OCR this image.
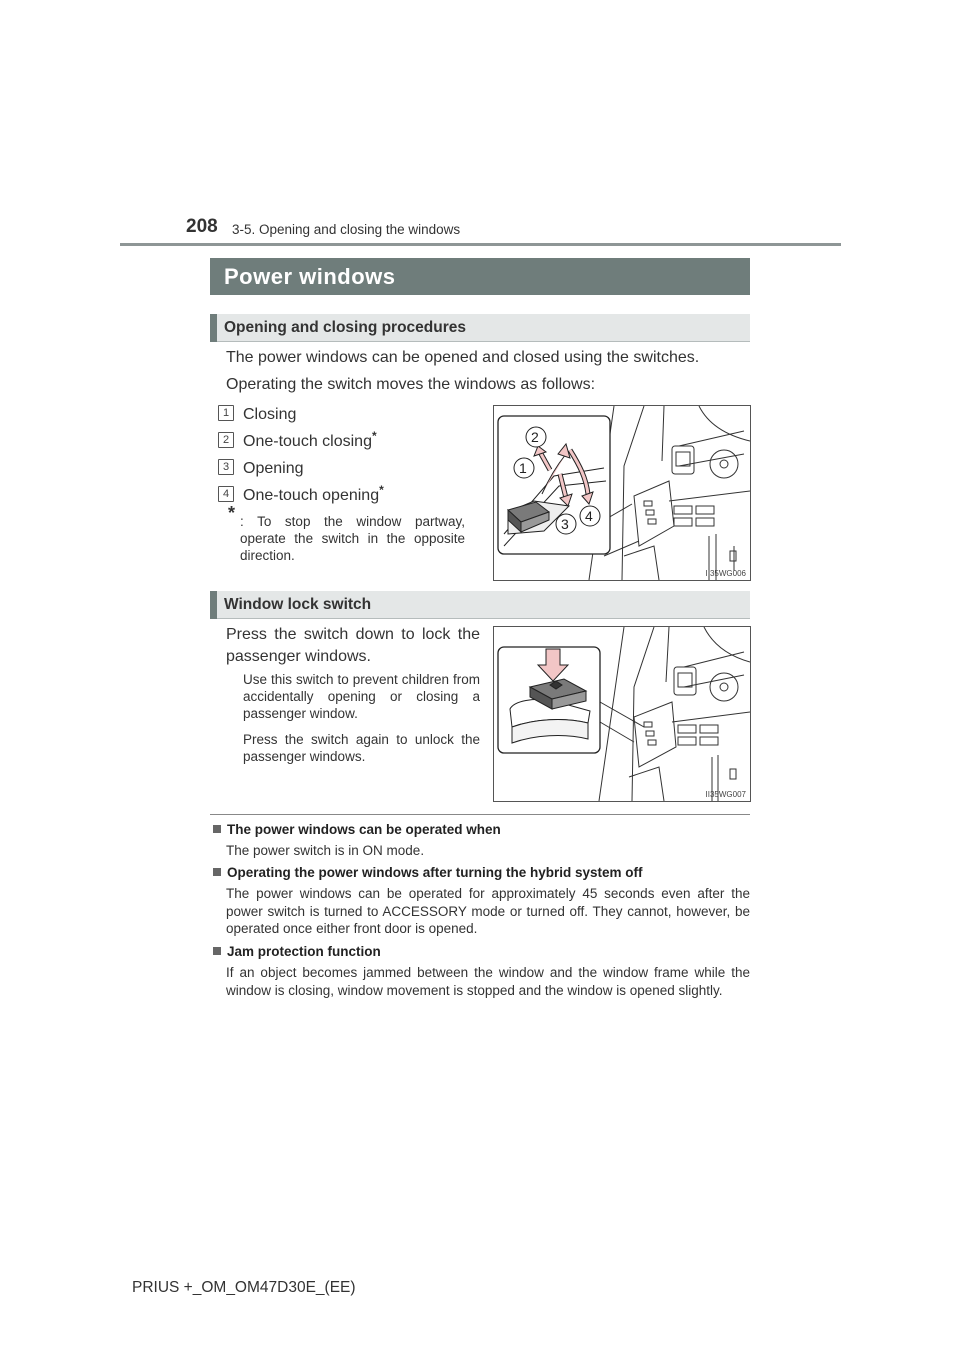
208 3-5. Opening and closing the windows
Power windows
Opening and closing procedures
The power windows can be opened and closed using the switches.
Operating the switch moves the windows as follows:
1 Closing
2 One-touch closing*
3 Opening
4 One-touch opening*
* : To stop the window partway, operate the switch in the opposite direction.
2
1
3 4
II35WG006
Window lock switch
Press the switch down to lock the passenger windows.
Use this switch to prevent children from accidentally opening or closing a passenger window.
Press the switch again to unlock the passenger windows.
II35WG007
The power windows can be operated when
The power switch is in ON mode.
Operating the power windows after turning the hybrid system off
The power windows can be operated for approximately 45 seconds even after the power switch is turned to ACCESSORY mode or turned off. They cannot, however, be operated once either front door is opened.
Jam protection function
If an object becomes jammed between the window and the window frame while the window is closing, window movement is stopped and the window is opened slightly.
PRIUS +_OM_OM47D30E_(EE)
